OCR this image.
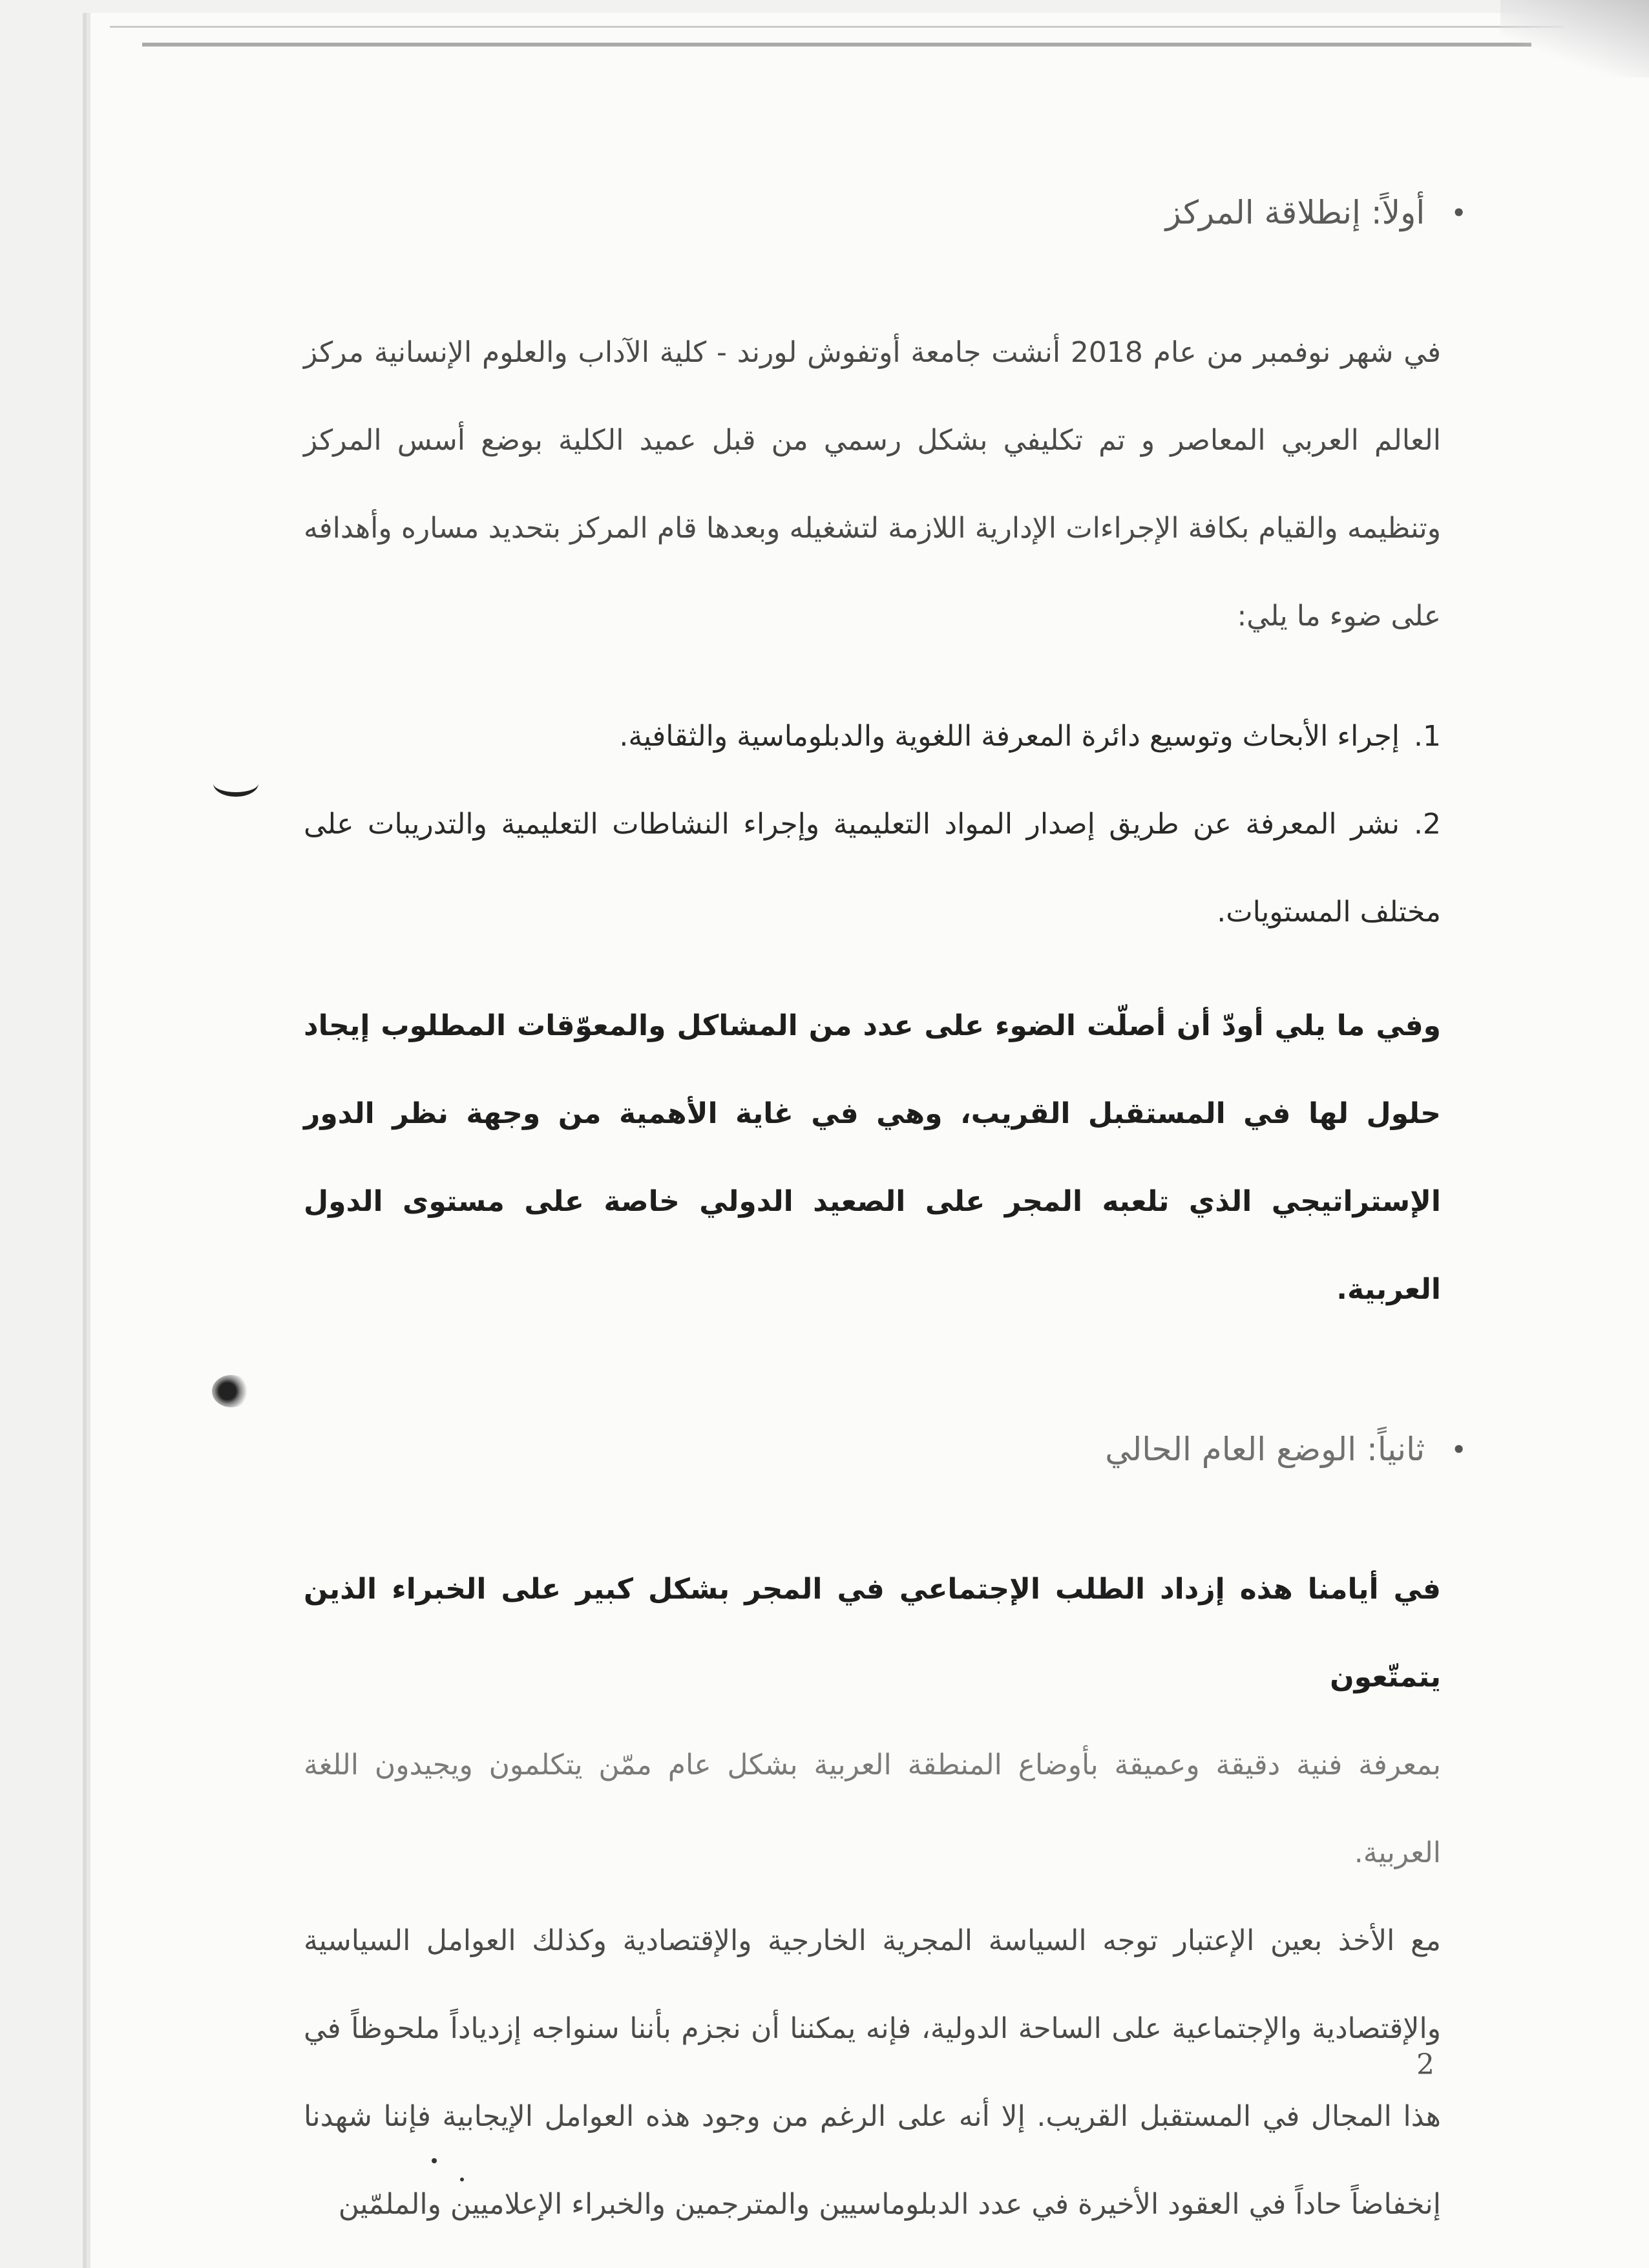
•
أولاً: إنطلاقة المركز

في شهر نوفمبر من عام 2018 أنشت جامعة أوتفوش لورند - كلية الآداب والعلوم الإنسانية مركز العالم العربي المعاصر و تم تكليفي بشكل رسمي من قبل عميد الكلية بوضع أسس المركز وتنظيمه والقيام بكافة الإجراءات الإدارية اللازمة لتشغيله وبعدها قام المركز بتحديد مساره وأهدافه على ضوء ما يلي:

1.إجراء الأبحاث وتوسيع دائرة المعرفة اللغوية والدبلوماسية والثقافية.
2.نشر المعرفة عن طريق إصدار المواد التعليمية وإجراء النشاطات التعليمية والتدريبات على مختلف المستويات.

وفي ما يلي أودّ أن أصلّت الضوء على عدد من المشاكل والمعوّقات المطلوب إيجاد حلول لها في المستقبل القريب، وهي في غاية الأهمية من وجهة نظر الدور الإستراتيجي الذي تلعبه المجر على الصعيد الدولي خاصة على مستوى الدول العربية.

•
ثانياً: الوضع العام الحالي

في أيامنا هذه إزداد الطلب الإجتماعي في المجر بشكل كبير على الخبراء الذين يتمتّعون

بمعرفة فنية دقيقة وعميقة بأوضاع المنطقة العربية بشكل عام ممّن يتكلمون ويجيدون اللغة العربية.

مع الأخذ بعين الإعتبار توجه السياسة المجرية الخارجية والإقتصادية وكذلك العوامل السياسية والإقتصادية والإجتماعية على الساحة الدولية، فإنه يمكننا أن نجزم بأننا سنواجه إزدياداً ملحوظاً في هذا المجال في المستقبل القريب. إلا أنه على الرغم من وجود هذه العوامل الإيجابية فإننا شهدنا إنخفاضاً حاداً في العقود الأخيرة في عدد الدبلوماسيين والمترجمين والخبراء الإعلاميين والملمّين

2
